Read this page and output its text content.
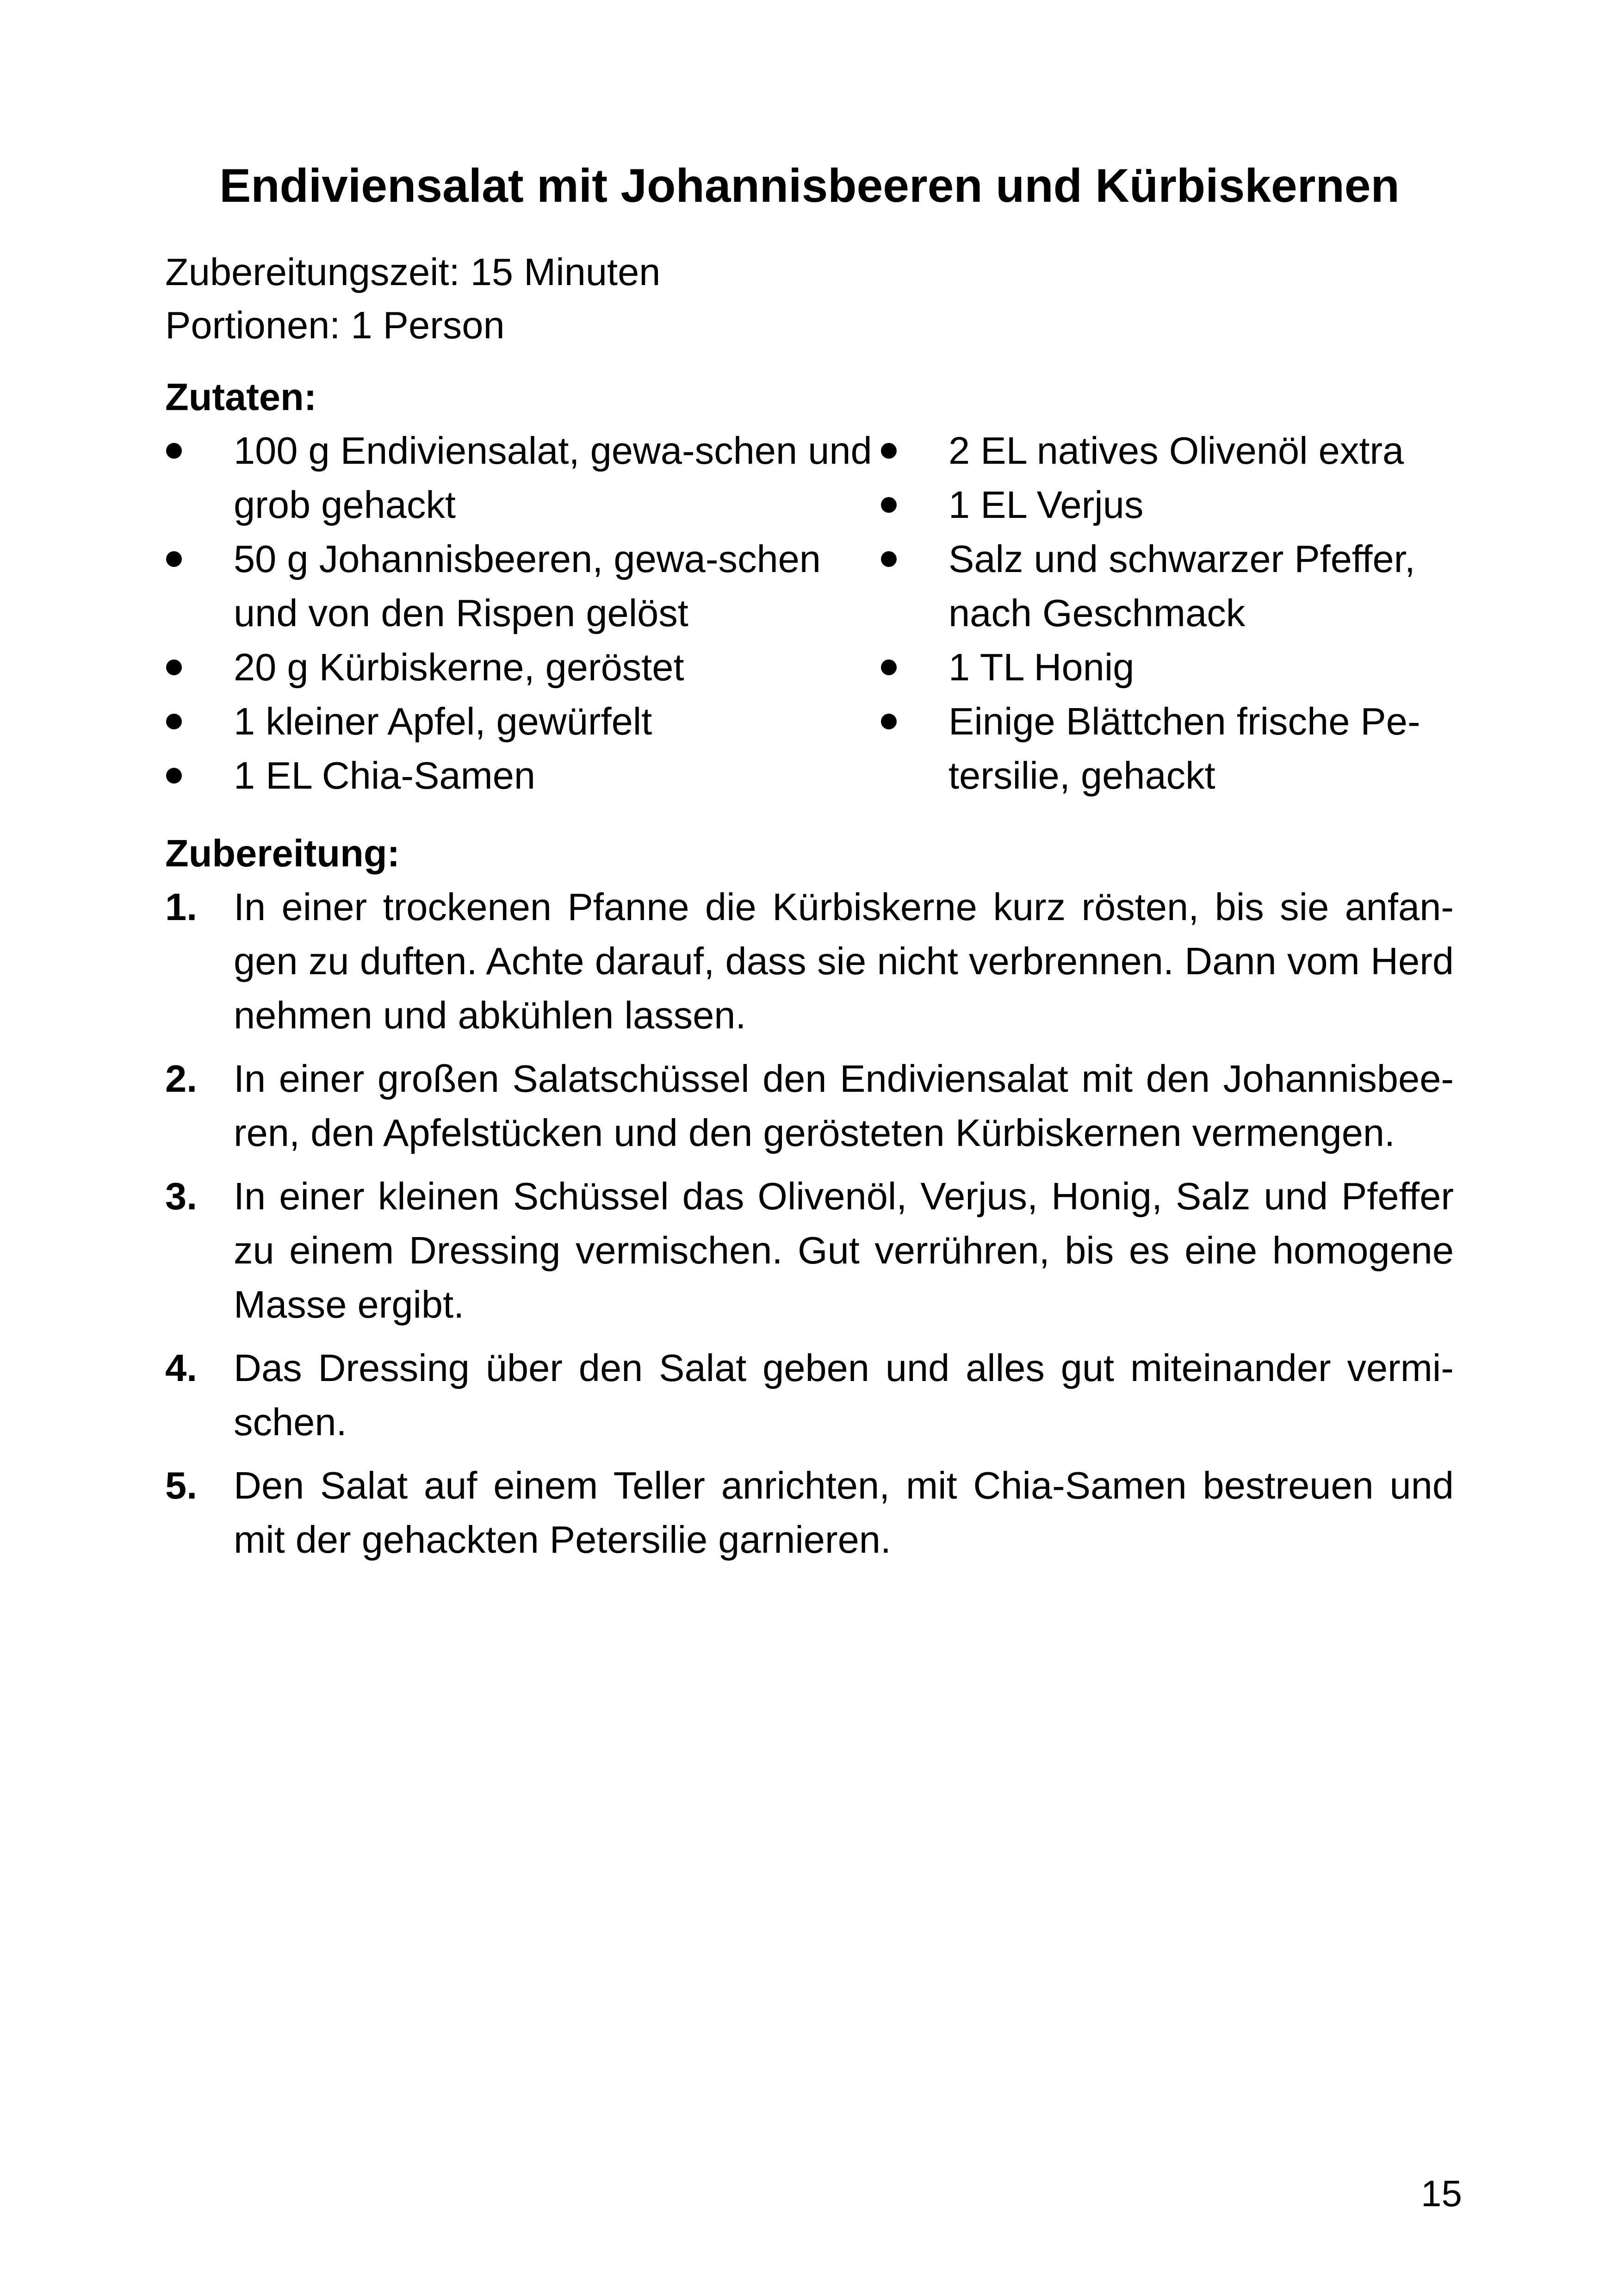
Endiviensalat mit Johannisbeeren und Kürbiskernen
Zubereitungszeit: 15 Minuten
Portionen: 1 Person
Zutaten:
100 g Endiviensalat, gewa-schen und grob gehackt
50 g Johannisbeeren, gewa-schen und von den Rispen gelöst
20 g Kürbiskerne, geröstet
1 kleiner Apfel, gewürfelt
1 EL Chia-Samen
2 EL natives Olivenöl extra
1 EL Verjus
Salz und schwarzer Pfeffer, nach Geschmack
1 TL Honig
Einige Blättchen frische Pe-tersilie, gehackt
Zubereitung:
1. In einer trockenen Pfanne die Kürbiskerne kurz rösten, bis sie anfan-gen zu duften. Achte darauf, dass sie nicht verbrennen. Dann vom Herd nehmen und abkühlen lassen.
2. In einer großen Salatschüssel den Endiviensalat mit den Johannisbee-ren, den Apfelstücken und den gerösteten Kürbiskernen vermengen.
3. In einer kleinen Schüssel das Olivenöl, Verjus, Honig, Salz und Pfeffer zu einem Dressing vermischen. Gut verrühren, bis es eine homogene Masse ergibt.
4. Das Dressing über den Salat geben und alles gut miteinander vermi-schen.
5. Den Salat auf einem Teller anrichten, mit Chia-Samen bestreuen und mit der gehackten Petersilie garnieren.
15
